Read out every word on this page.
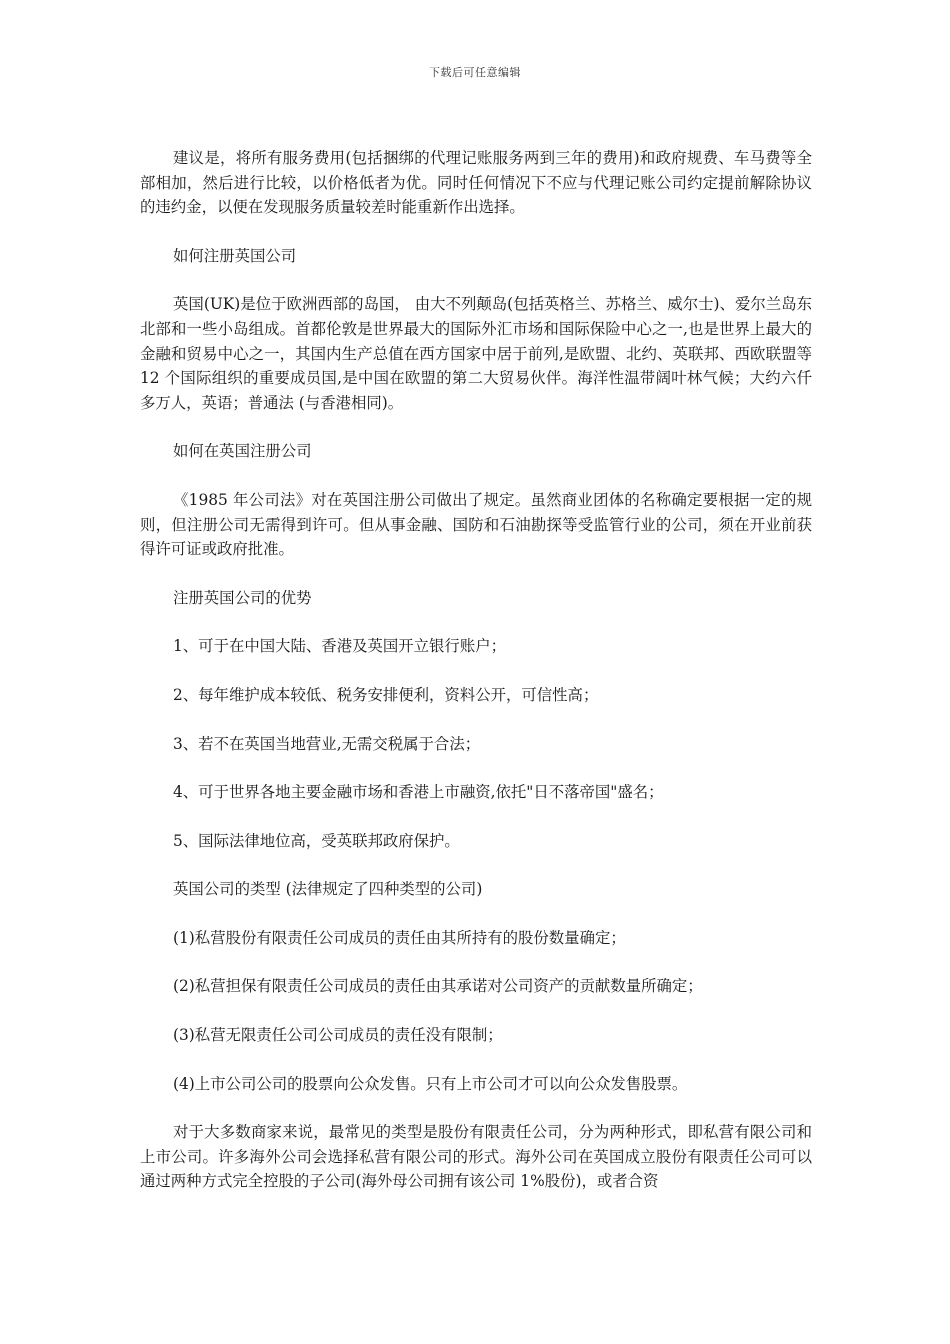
下载后可任意编辑

建议是，将所有服务费用(包括捆绑的代理记账服务两到三年的费用)和政府规费、车马费等全部相加，然后进行比较，以价格低者为优。同时任何情况下不应与代理记账公司约定提前解除协议的违约金，以便在发现服务质量较差时能重新作出选择。

如何注册英国公司

英国(UK)是位于欧洲西部的岛国， 由大不列颠岛(包括英格兰、苏格兰、威尔士)、爱尔兰岛东北部和一些小岛组成。首都伦敦是世界最大的国际外汇市场和国际保险中心之一,也是世界上最大的金融和贸易中心之一，其国内生产总值在西方国家中居于前列,是欧盟、北约、英联邦、西欧联盟等 12 个国际组织的重要成员国,是中国在欧盟的第二大贸易伙伴。海洋性温带阔叶林气候；大约六仟多万人，英语；普通法 (与香港相同)。

如何在英国注册公司

《1985 年公司法》对在英国注册公司做出了规定。虽然商业团体的名称确定要根据一定的规则，但注册公司无需得到许可。但从事金融、国防和石油勘探等受监管行业的公司，须在开业前获得许可证或政府批准。

注册英国公司的优势

1、可于在中国大陆、香港及英国开立银行账户；

2、每年维护成本较低、税务安排便利，资料公开，可信性高；

3、若不在英国当地营业,无需交税属于合法；

4、可于世界各地主要金融市场和香港上市融资,依托"日不落帝国"盛名；

5、国际法律地位高，受英联邦政府保护。

英国公司的类型 (法律规定了四种类型的公司)

(1)私营股份有限责任公司成员的责任由其所持有的股份数量确定；

(2)私营担保有限责任公司成员的责任由其承诺对公司资产的贡献数量所确定；

(3)私营无限责任公司公司成员的责任没有限制；

(4)上市公司公司的股票向公众发售。只有上市公司才可以向公众发售股票。

对于大多数商家来说，最常见的类型是股份有限责任公司，分为两种形式，即私营有限公司和上市公司。许多海外公司会选择私营有限公司的形式。海外公司在英国成立股份有限责任公司可以通过两种方式完全控股的子公司(海外母公司拥有该公司 1%股份)，或者合资
